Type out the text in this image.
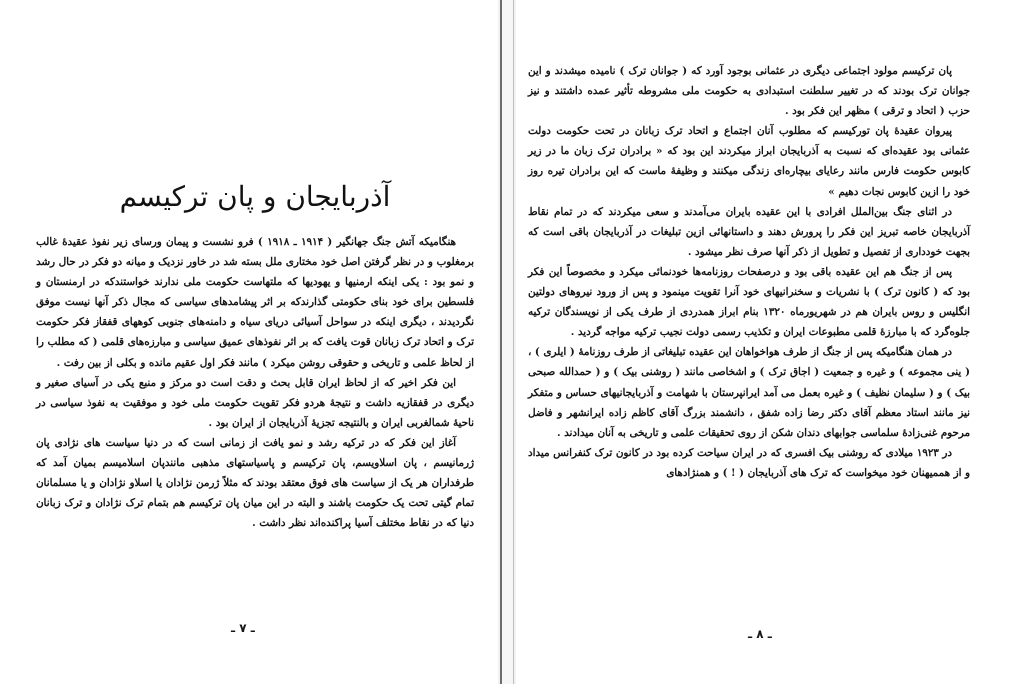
آذربایجان و پان ترکیسم

هنگامیکه آتش جنگ جهانگیر ( ۱۹۱۴ ـ ۱۹۱۸ ) فرو نشست و پیمان ورسای زیر نفوذ عقیدهٔ غالب برمغلوب و در نظر گرفتن اصل خود مختاری ملل بسته شد در خاور نزدیک و میانه دو فکر در حال رشد و نمو بود : یکی اینکه ارمنیها و یهودیها که ملتهاست حکومت ملی ندارند خواستندکه در ارمنستان و فلسطین برای خود بنای حکومتی گذارندکه بر اثر پیشامدهای سیاسی که مجال ذکر آنها نیست موفق نگردیدند ، دیگری اینکه در سواحل آسیائی دریای سیاه و دامنه‌های جنوبی کوههای قفقاز فکر حکومت ترک و اتحاد ترک زبانان قوت یافت که بر اثر نفوذهای عمیق سیاسی و مبارزه‌های قلمی ( که مطلب را از لحاظ علمی و تاریخی و حقوقی روشن میکرد ) مانند فکر اول عقیم مانده و بکلی از بین رفت .

این فکر اخیر که از لحاظ ایران قابل بحث و دقت است دو مرکز و منبع یکی در آسیای صغیر و دیگری در قفقازیه داشت و نتیجهٔ هردو فکر تقویت حکومت ملی خود و موفقیت به نفوذ سیاسی در ناحیهٔ شمالغربی ایران و بالنتیجه تجزیهٔ آذربایجان از ایران بود .

آغاز این فکر که در ترکیه رشد و نمو یافت از زمانی است که در دنیا سیاست های نژادی پان ژرمانیسم ، پان اسلاویسم، پان ترکیسم و پاسیاستهای مذهبی مانندپان اسلامیسم بمیان آمد که طرفداران هر یک از سیاست های فوق معتقد بودند که مثلاً ژرمن نژادان یا اسلاو نژادان و یا مسلمانان تمام گیتی تحت یک حکومت باشند و البته در این میان پان ترکیسم هم بتمام ترک نژادان و ترک زبانان دنیا که در نقاط مختلف آسیا پراکنده‌اند نظر داشت .

ـ ۷ ـ

پان ترکیسم مولود اجتماعی دیگری در عثمانی بوجود آورد که ( جوانان ترک ) نامیده میشدند و این جوانان ترک بودند که در تغییر سلطنت استبدادی به حکومت ملی مشروطه تأثیر عمده داشتند و نیز حزب ( اتحاد و ترقی ) مظهر این فکر بود .

پیروان عقیدهٔ پان تورکیسم که مطلوب آنان اجتماع و اتحاد ترک زبانان در تحت حکومت دولت عثمانی بود عقیده‌ای که نسبت به آذربایجان ابراز میکردند این بود که « برادران ترک زبان ما در زیر کابوس حکومت فارس مانند رعایای بیچاره‌ای زندگی میکنند و وظیفهٔ ماست که این برادران تیره روز خود را ازین کابوس نجات دهیم »

در اثنای جنگ بین‌الملل افرادی با این عقیده بایران می‌آمدند و سعی میکردند که در تمام نقاط آذربایجان خاصه تبریز این فکر را پرورش دهند و داستانهائی ازین تبلیغات در آذربایجان باقی است که بجهت خودداری از تفصیل و تطویل از ذکر آنها صرف نظر میشود .

پس از جنگ هم این عقیده باقی بود و درصفحات روزنامه‌ها خودنمائی میکرد و مخصوصاً این فکر بود که ( کانون ترک ) با نشریات و سخنرانیهای خود آنرا تقویت مینمود و پس از ورود نیروهای دولتین انگلیس و روس بایران هم در شهریورماه ۱۳۲۰ بنام ابراز همدردی از طرف یکی از نویسندگان ترکیه جلوه‌گرد که با مبارزهٔ قلمی مطبوعات ایران و تکذیب رسمی دولت نجیب ترکیه مواجه گردید .

در همان هنگامیکه پس از جنگ از طرف هواخواهان این عقیده تبلیغاتی از طرف روزنامهٔ ( ایلری ) ، ( ینی مجموعه ) و غیره و جمعیت ( اجاق ترک ) و اشخاصی مانند ( روشنی بیک ) و ( حمدالله صبحی بیک ) و ( سلیمان نظیف ) و غیره بعمل می آمد ایرانپرستان با شهامت و آذربایجانیهای حساس و متفکر نیز مانند استاد معظم آقای دکتر رضا زاده شفق ، دانشمند بزرگ آقای کاظم زاده ایرانشهر و فاضل مرحوم غنی‌زادهٔ سلماسی جوابهای دندان شکن از روی تحقیقات علمی و تاریخی به آنان میدادند .

در ۱۹۲۳ میلادی که روشنی بیک افسری که در ایران سیاحت کرده بود در کانون ترک کنفرانس میداد و از هممیهنان خود میخواست که ترک های آذربایجان ( ! ) و همنژادهای

ـ ۸ ـ
